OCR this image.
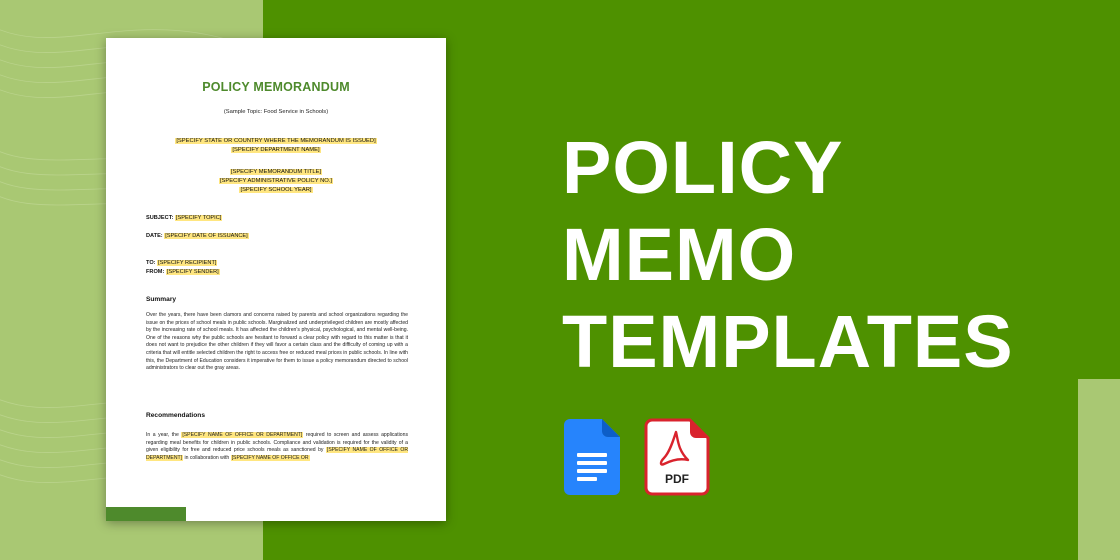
POLICY MEMORANDUM
(Sample Topic: Food Service in Schools)
[SPECIFY STATE OR COUNTRY WHERE THE MEMORANDUM IS ISSUED]
[SPECIFY DEPARTMENT NAME]
[SPECIFY MEMORANDUM TITLE]
[SPECIFY ADMINISTRATIVE POLICY NO.]
[SPECIFY SCHOOL YEAR]
SUBJECT: [SPECIFY TOPIC]
DATE: [SPECIFY DATE OF ISSUANCE]
TO: [SPECIFY RECIPIENT]
FROM: [SPECIFY SENDER]
Summary
Over the years, there have been clamors and concerns raised by parents and school organizations regarding the issue on the prices of school meals in public schools. Marginalized and underprivileged children are mostly affected by the increasing rate of school meals. It has affected the children's physical, psychological, and mental well-being. One of the reasons why the public schools are hesitant to forward a clear policy with regard to this matter is that it does not want to prejudice the other children if they will favor a certain class and the difficulty of coming up with a criteria that will entitle selected children the right to access free or reduced meal prices in public schools. In line with this, the Department of Education considers it imperative for them to issue a policy memorandum directed to school administrators to clear out the gray areas.
Recommendations
In a year, the [SPECIFY NAME OF OFFICE OR DEPARTMENT] required to screen and assess applications regarding meal benefits for children in public schools. Compliance and validation is required for the validity of a given eligibility for free and reduced price schools meals as sanctioned by [SPECIFY NAME OF OFFICE OR DEPARTMENT] in collaboration with [SPECIFY NAME OF OFFICE OR
POLICY
MEMO
TEMPLATES
PDF
